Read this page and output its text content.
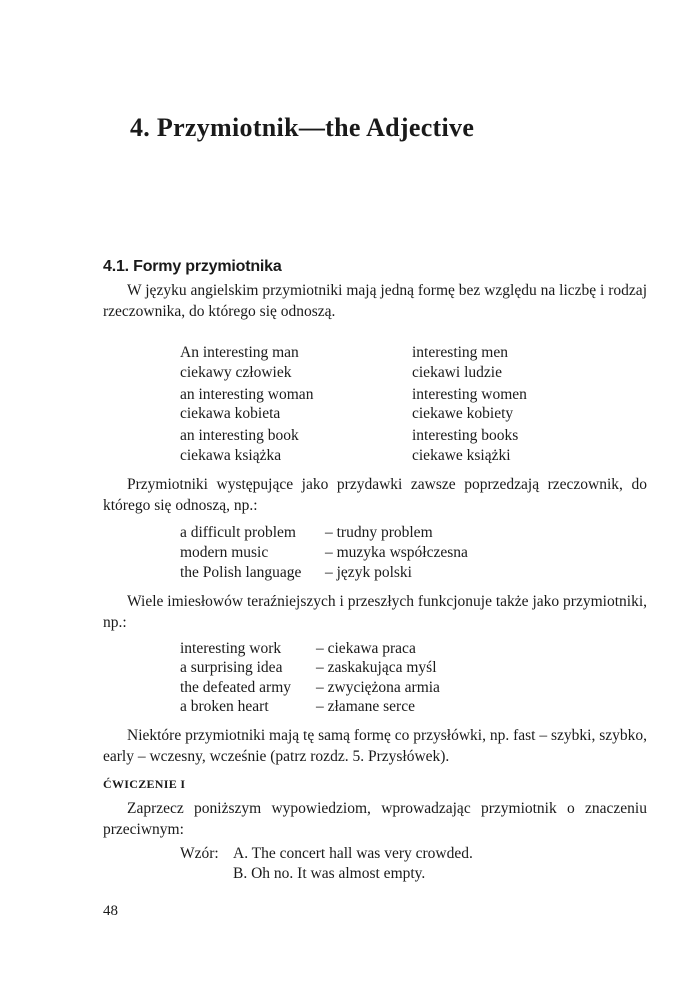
4. Przymiotnik—the Adjective
4.1. Formy przymiotnika

W języku angielskim przymiotniki mają jedną formę bez względu na liczbę i rodzaj rzeczownika, do którego się odnoszą.

An interesting man	interesting men
ciekawy człowiek	ciekawi ludzie
an interesting woman	interesting women
ciekawa kobieta	ciekawe kobiety
an interesting book	interesting books
ciekawa książka	ciekawe książki

Przymiotniki występujące jako przydawki zawsze poprzedzają rzeczownik, do którego się odnoszą, np.:

a difficult problem – trudny problem
modern music	– muzyka współczesna
the Polish language – język polski

Wiele imiesłowów teraźniejszych i przeszłych funkcjonuje także jako przymiotniki, np.:

interesting work – ciekawa praca
a surprising idea – zaskakująca myśl
the defeated army – zwyciężona armia
a broken heart	– złamane serce

Niektóre przymiotniki mają tę samą formę co przysłówki, np. fast – szybki, szybko, early – wczesny, wcześnie (patrz rozdz. 5. Przysłówek).

ĆWICZENIE I

Zaprzecz poniższym wypowiedziom, wprowadzając przymiotnik o znaczeniu przeciwnym:

Wzór: A. The concert hall was very crowded.
B. Oh no. It was almost empty.
48
